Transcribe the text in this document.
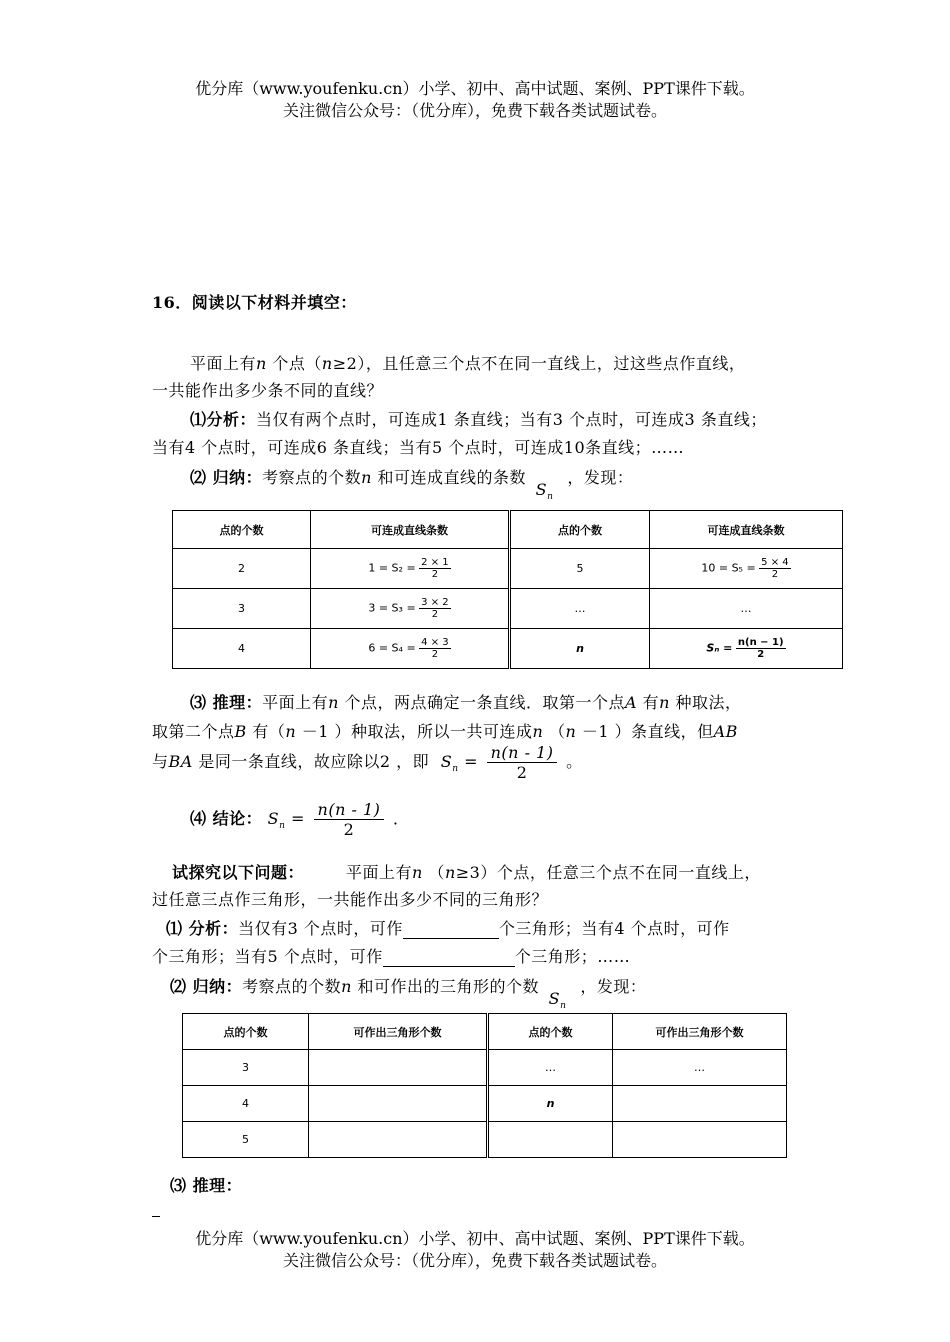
优分库（www.youfenku.cn）小学、初中、高中试题、案例、PPT课件下载。
关注微信公众号：（优分库），免费下载各类试题试卷。
16．阅读以下材料并填空：
平面上有n 个点（n≥2），且任意三个点不在同一直线上，过这些点作直线，
一共能作出多少条不同的直线？
⑴分析：当仅有两个点时，可连成1 条直线；当有3 个点时，可连成3 条直线；
当有4 个点时，可连成6 条直线；当有5 个点时，可连成10条直线；……
⑵ 归纳：考察点的个数n 和可连成直线的条数 $S_n$，发现：
点的个数	可连成直线条数	点的个数	可连成直线条数
2	$1 = S_2 = \frac{2 \times 1}{2}$	5	$10 = S_5 = \frac{5 \times 4}{2}$

3	$3 = S_3 = \frac{3 \times 2}{2}$	…	…
4	$6 = S_4 = \frac{4 \times 3}{2}$	n	$S_n = \frac{n(n - 1)}{2}$
⑶ 推理：平面上有n 个点，两点确定一条直线．取第一个点A 有n 种取法，
取第二个点B 有（n －1 ）种取法，所以一共可连成n （n －1 ）条直线，但AB
与BA 是同一条直线，故应除以2 ，即 $S_n = \frac{n(n - 1)}{2}$ 。
⑷ 结论： $S_n = \frac{n(n - 1)}{2}$ ．
试探究以下问题：	平面上有n （n≥3）个点，任意三个点不在同一直线上，
过任意三点作三角形，一共能作出多少不同的三角形？
⑴ 分析：当仅有3 个点时，可作	个三角形；当有4 个点时，可作
个三角形；当有5 个点时，可作	个三角形；……
⑵ 归纳：考察点的个数n 和可作出的三角形的个数 $S_n$，发现：
点的个数	可作出三角形个数	点的个数	可作出三角形个数
3		…	…
4		n	
5			
⑶ 推理：
优分库（www.youfenku.cn）小学、初中、高中试题、案例、PPT课件下载。
关注微信公众号：（优分库），免费下载各类试题试卷。
